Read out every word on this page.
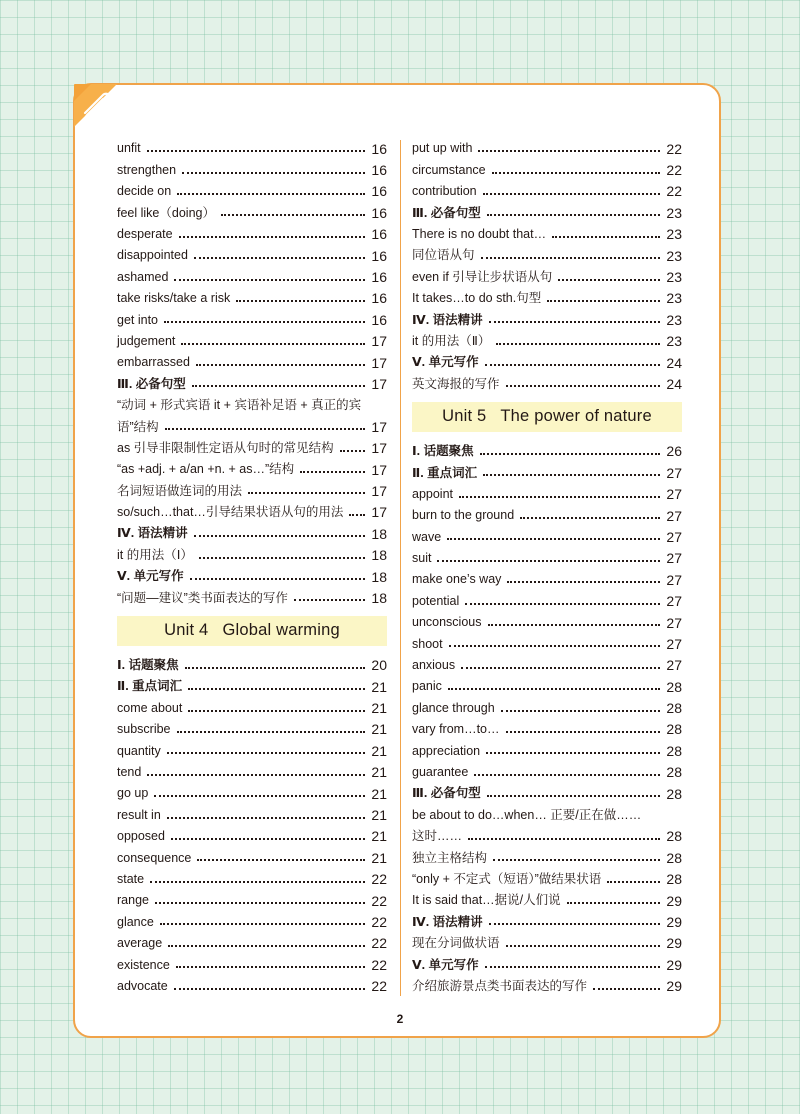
unfit	16
strengthen	16
decide on	16
feel like（doing）	16
desperate	16
disappointed	16
ashamed	16
take risks/take a risk	16
get into	16
judgement	17
embarrassed	17
Ⅲ. 必备句型	17
“动词 + 形式宾语 it + 宾语补足语 + 真正的宾
语”结构	17
as 引导非限制性定语从句时的常见结构	17
“as +adj. + a/an +n. + as…”结构	17
名词短语做连词的用法	17
so/such…that…引导结果状语从句的用法 17
Ⅳ. 语法精讲	18
it 的用法（Ⅰ）	18
Ⅴ. 单元写作	18
“问题—建议”类书面表达的写作	18
Unit 4 Global warming
Ⅰ. 话题聚焦	20
Ⅱ. 重点词汇	21
come about	21
subscribe	21
quantity	21
tend	21
go up	21
result in	21
opposed	21
consequence	21
state	22
range	22
glance	22
average	22
existence	22
advocate	22
put up with	22
circumstance	22
contribution	22
Ⅲ. 必备句型	23
There is no doubt that…	23
同位语从句	23
even if 引导让步状语从句	23
It takes…to do sth.句型	23
Ⅳ. 语法精讲	23
it 的用法（Ⅱ）	23
Ⅴ. 单元写作	24
英文海报的写作	24
Unit 5 The power of nature
Ⅰ. 话题聚焦	26
Ⅱ. 重点词汇	27
appoint	27
burn to the ground	27
wave	27
suit	27
make one’s way	27
potential	27
unconscious	27
shoot	27
anxious	27
panic	28
glance through	28
vary from…to…	28
appreciation	28
guarantee	28
Ⅲ. 必备句型	28
be about to do…when… 正要/正在做……
这时……	28
独立主格结构	28
“only + 不定式（短语）”做结果状语	28
It is said that…据说/人们说	29
Ⅳ. 语法精讲	29
现在分词做状语	29
Ⅴ. 单元写作	29
介绍旅游景点类书面表达的写作	29
2
